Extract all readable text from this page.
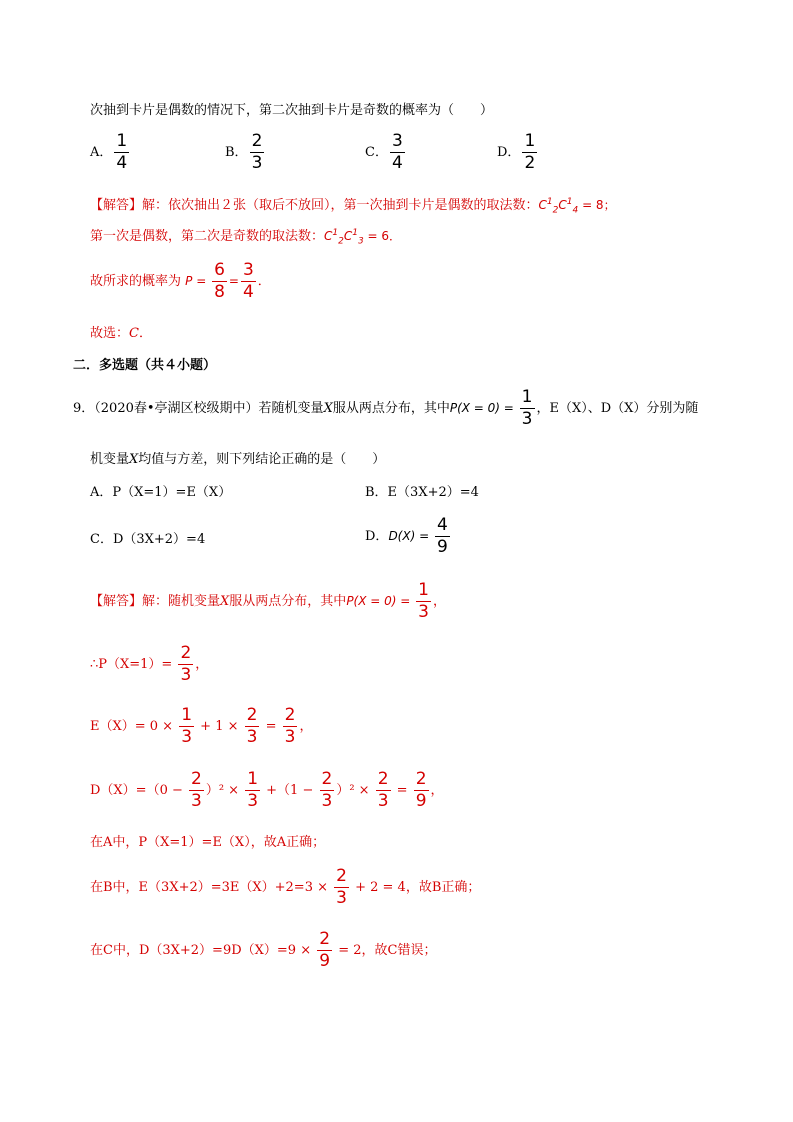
次抽到卡片是偶数的情况下，第二次抽到卡片是奇数的概率为（　　）
A． $\frac{1}{4}$	B． $\frac{2}{3}$	C． $\frac{3}{4}$	D． $\frac{1}{2}$
【解答】解：依次抽出２张（取后不放回），第一次抽到卡片是偶数的取法数：$C^1_2C^1_4 = 8$；
第一次是偶数，第二次是奇数的取法数：$C^1_2C^1_3 = 6$．
故所求的概率为 $P = \frac{6}{8} = \frac{3}{4}$ ．
故选：C．
二．多选题（共４小题）
9．（2020春•亭湖区校级期中）若随机变量X服从两点分布，其中$P(X = 0) = \frac{1}{3}$ ，E（X）、D（X）分别为随
机变量X均值与方差，则下列结论正确的是（　　）
A．P（X=1）=E（X）	B．E（3X+2）=4
C．D（3X+2）=4	D．$D(X) = \frac{4}{9}$
【解答】解：随机变量X服从两点分布，其中$P(X = 0) = \frac{1}{3}$ ，
∴P（X=1）= $\frac{2}{3}$ ，
$E(X)= 0 \times \frac{1}{3} + 1 \times \frac{2}{3} = \frac{2}{3}$ ，
$D(X)=(0 - \frac{2}{3} )^2 \times \frac{1}{3} +(1 - \frac{2}{3} )^2 \times \frac{2}{3} = \frac{2}{9}$ ，
在A中，P（X=1）=E（X），故A正确；
在B中，$E(3X+2)=3E(X)+2=3 \times \frac{2}{3} + 2 = 4$，故B正确；
在C中，$D(3X+2)=9D(X)=9 \times \frac{2}{9} = 2$，故C错误；
